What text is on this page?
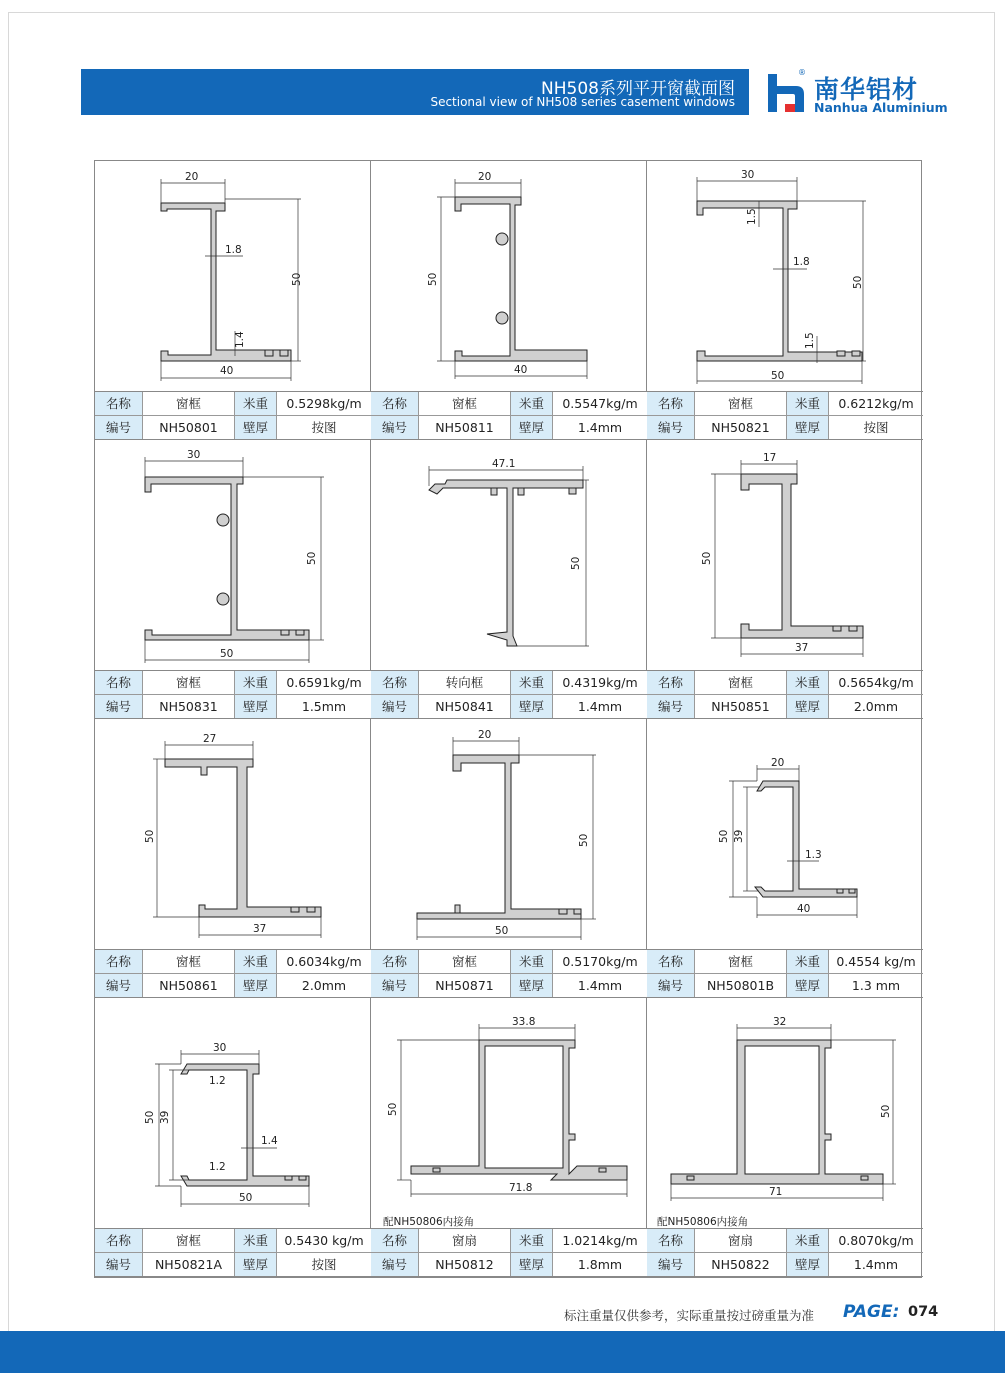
NH508系列平开窗截面图
Sectional view of NH508 series casement windows	南华铝材
Nanhua Aluminium
®
20
50
40
1.8
1.4
名称	窗框	米重	0.5298kg/m
编号	NH50801	壁厚	按图
20
50
40
名称	窗框	米重	0.5547kg/m
编号	NH50811	壁厚	1.4mm
30
50
50
1.5
1.8
1.5
名称	窗框	米重	0.6212kg/m
编号	NH50821	壁厚	按图
30
50
50
名称	窗框	米重	0.6591kg/m
编号	NH50831	壁厚	1.5mm
47.1
50
名称	转向框	米重	0.4319kg/m
编号	NH50841	壁厚	1.4mm
17
50
37
名称	窗框	米重	0.5654kg/m
编号	NH50851	壁厚	2.0mm
27
50
37
名称	窗框	米重	0.6034kg/m
编号	NH50861	壁厚	2.0mm
20
50
50
名称	窗框	米重	0.5170kg/m
编号	NH50871	壁厚	1.4mm
20
50 39
40
1.3
名称	窗框	米重	0.4554 kg/m
编号	NH50801B	壁厚	1.3 mm
30
50 39
50
1.2
1.4
1.2
名称	窗框	米重	0.5430 kg/m
编号	NH50821A	壁厚	按图
33.8
50
71.8
配NH50806内接角
名称	窗扇	米重	1.0214kg/m
编号	NH50812	壁厚	1.8mm
32
50
71
配NH50806内接角
名称	窗扇	米重	0.8070kg/m
编号	NH50822	壁厚	1.4mm
标注重量仅供参考，实际重量按过磅重量为准 PAGE: 074
